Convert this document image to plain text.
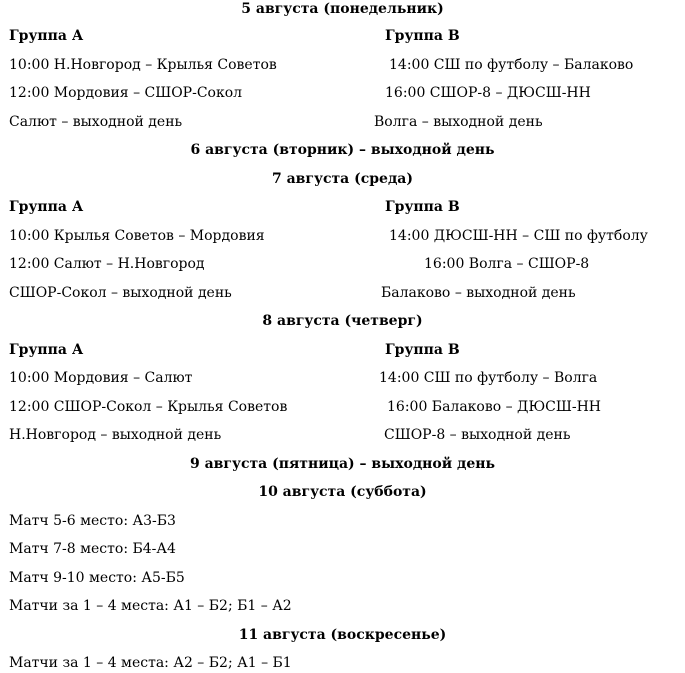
5 августа (понедельник)
Группа А	Группа В
10:00 Н.Новгород – Крылья Советов	14:00 СШ по футболу – Балаково
12:00 Мордовия – СШОР-Сокол	16:00 СШОР-8 – ДЮСШ-НН
Салют – выходной день	Волга – выходной день
6 августа (вторник) – выходной день
7 августа (среда)
Группа А	Группа В
10:00 Крылья Советов – Мордовия	14:00 ДЮСШ-НН – СШ по футболу
12:00 Салют – Н.Новгород	16:00 Волга – СШОР-8
СШОР-Сокол – выходной день	Балаково – выходной день
8 августа (четверг)
Группа А	Группа В
10:00 Мордовия – Салют	14:00 СШ по футболу – Волга
12:00 СШОР-Сокол – Крылья Советов	16:00 Балаково – ДЮСШ-НН
Н.Новгород – выходной день	СШОР-8 – выходной день
9 августа (пятница) – выходной день
10 августа (суббота)
Матч 5-6 место: А3-Б3
Матч 7-8 место: Б4-А4
Матч 9-10 место: А5-Б5
Матчи за 1 – 4 места: А1 – Б2; Б1 – А2
11 августа (воскресенье)
Матчи за 1 – 4 места: А2 – Б2; А1 – Б1
